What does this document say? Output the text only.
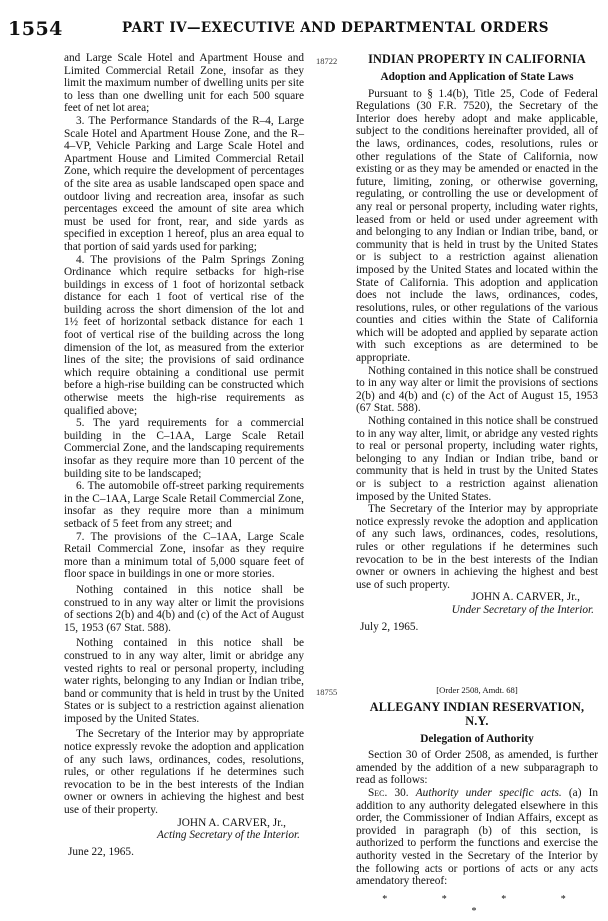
1554	PART IV—EXECUTIVE AND DEPARTMENTAL ORDERS

and Large Scale Hotel and Apartment House and Limited Commercial Retail Zone, insofar as they limit the maximum number of dwelling units per site to less than one dwelling unit for each 500 square feet of net lot area;

3. The Performance Standards of the R–4, Large Scale Hotel and Apartment House Zone, and the R–4–VP, Vehicle Parking and Large Scale Hotel and Apartment House and Limited Commercial Retail Zone, which require the development of percentages of the site area as usable landscaped open space and outdoor living and recreation area, insofar as such percentages exceed the amount of site area which must be used for front, rear, and side yards as specified in exception 1 hereof, plus an area equal to that portion of said yards used for parking;

4. The provisions of the Palm Springs Zoning Ordinance which require setbacks for high-rise buildings in excess of 1 foot of horizontal setback distance for each 1 foot of vertical rise of the building across the short dimension of the lot and 1½ feet of horizontal setback distance for each 1 foot of vertical rise of the building across the long dimension of the lot, as measured from the exterior lines of the site; the provisions of said ordinance which require obtaining a conditional use permit before a high-rise building can be constructed which otherwise meets the high-rise requirements as qualified above;

5. The yard requirements for a commercial building in the C–1AA, Large Scale Retail Commercial Zone, and the landscaping requirements insofar as they require more than 10 percent of the building site to be landscaped;

6. The automobile off-street parking requirements in the C–1AA, Large Scale Retail Commercial Zone, insofar as they require more than a minimum setback of 5 feet from any street; and

7. The provisions of the C–1AA, Large Scale Retail Commercial Zone, insofar as they require more than a minimum total of 5,000 square feet of floor space in buildings in one or more stories.

Nothing contained in this notice shall be construed to in any way alter or limit the provisions of sections 2(b) and 4(b) and (c) of the Act of August 15, 1953 (67 Stat. 588).

Nothing contained in this notice shall be construed to in any way alter, limit or abridge any vested rights to real or personal property, including water rights, belonging to any Indian or Indian tribe, band or community that is held in trust by the United States or is subject to a restriction against alienation imposed by the United States.

The Secretary of the Interior may by appropriate notice expressly revoke the adoption and application of any such laws, ordinances, codes, resolutions, rules, or other regulations if he determines such revocation to be in the best interests of the Indian owner or owners in achieving the highest and best use of their property.

JOHN A. CARVER, Jr.,

Acting Secretary of the Interior.

June 22, 1965.

18722
18755

INDIAN PROPERTY IN CALIFORNIA

Adoption and Application of State Laws

Pursuant to § 1.4(b), Title 25, Code of Federal Regulations (30 F.R. 7520), the Secretary of the Interior does hereby adopt and make applicable, subject to the conditions hereinafter provided, all of the laws, ordinances, codes, resolutions, rules or other regulations of the State of California, now existing or as they may be amended or enacted in the future, limiting, zoning, or otherwise governing, regulating, or controlling the use or development of any real or personal property, including water rights, leased from or held or used under agreement with and belonging to any Indian or Indian tribe, band, or community that is held in trust by the United States or is subject to a restriction against alienation imposed by the United States and located within the State of California. This adoption and application does not include the laws, ordinances, codes, resolutions, rules, or other regulations of the various counties and cities within the State of California which will be adopted and applied by separate action with such exceptions as are determined to be appropriate.

Nothing contained in this notice shall be construed to in any way alter or limit the provisions of sections 2(b) and 4(b) and (c) of the Act of August 15, 1953 (67 Stat. 588).

Nothing contained in this notice shall be construed to in any way alter, limit, or abridge any vested rights to real or personal property, including water rights, belonging to any Indian or Indian tribe, band or community that is held in trust by the United States or is subject to a restriction against alienation imposed by the United States.

The Secretary of the Interior may by appropriate notice expressly revoke the adoption and application of any such laws, ordinances, codes, resolutions, rules or other regulations if he determines such revocation to be in the best interests of the Indian owner or owners in achieving the highest and best use of such property.

JOHN A. CARVER, Jr.,

Under Secretary of the Interior.

July 2, 1965.

[Order 2508, Amdt. 68]

ALLEGANY INDIAN RESERVATION,
N.Y.

Delegation of Authority

Section 30 of Order 2508, as amended, is further amended by the addition of a new subparagraph to read as follows:

Sec. 30. Authority under specific acts. (a) In addition to any authority delegated elsewhere in this order, the Commissioner of Indian Affairs, except as provided in paragraph (b) of this section, is authorized to perform the functions and exercise the authority vested in the Secretary of the Interior by the following acts or portions of acts or any acts amendatory thereof:

* * * * *
